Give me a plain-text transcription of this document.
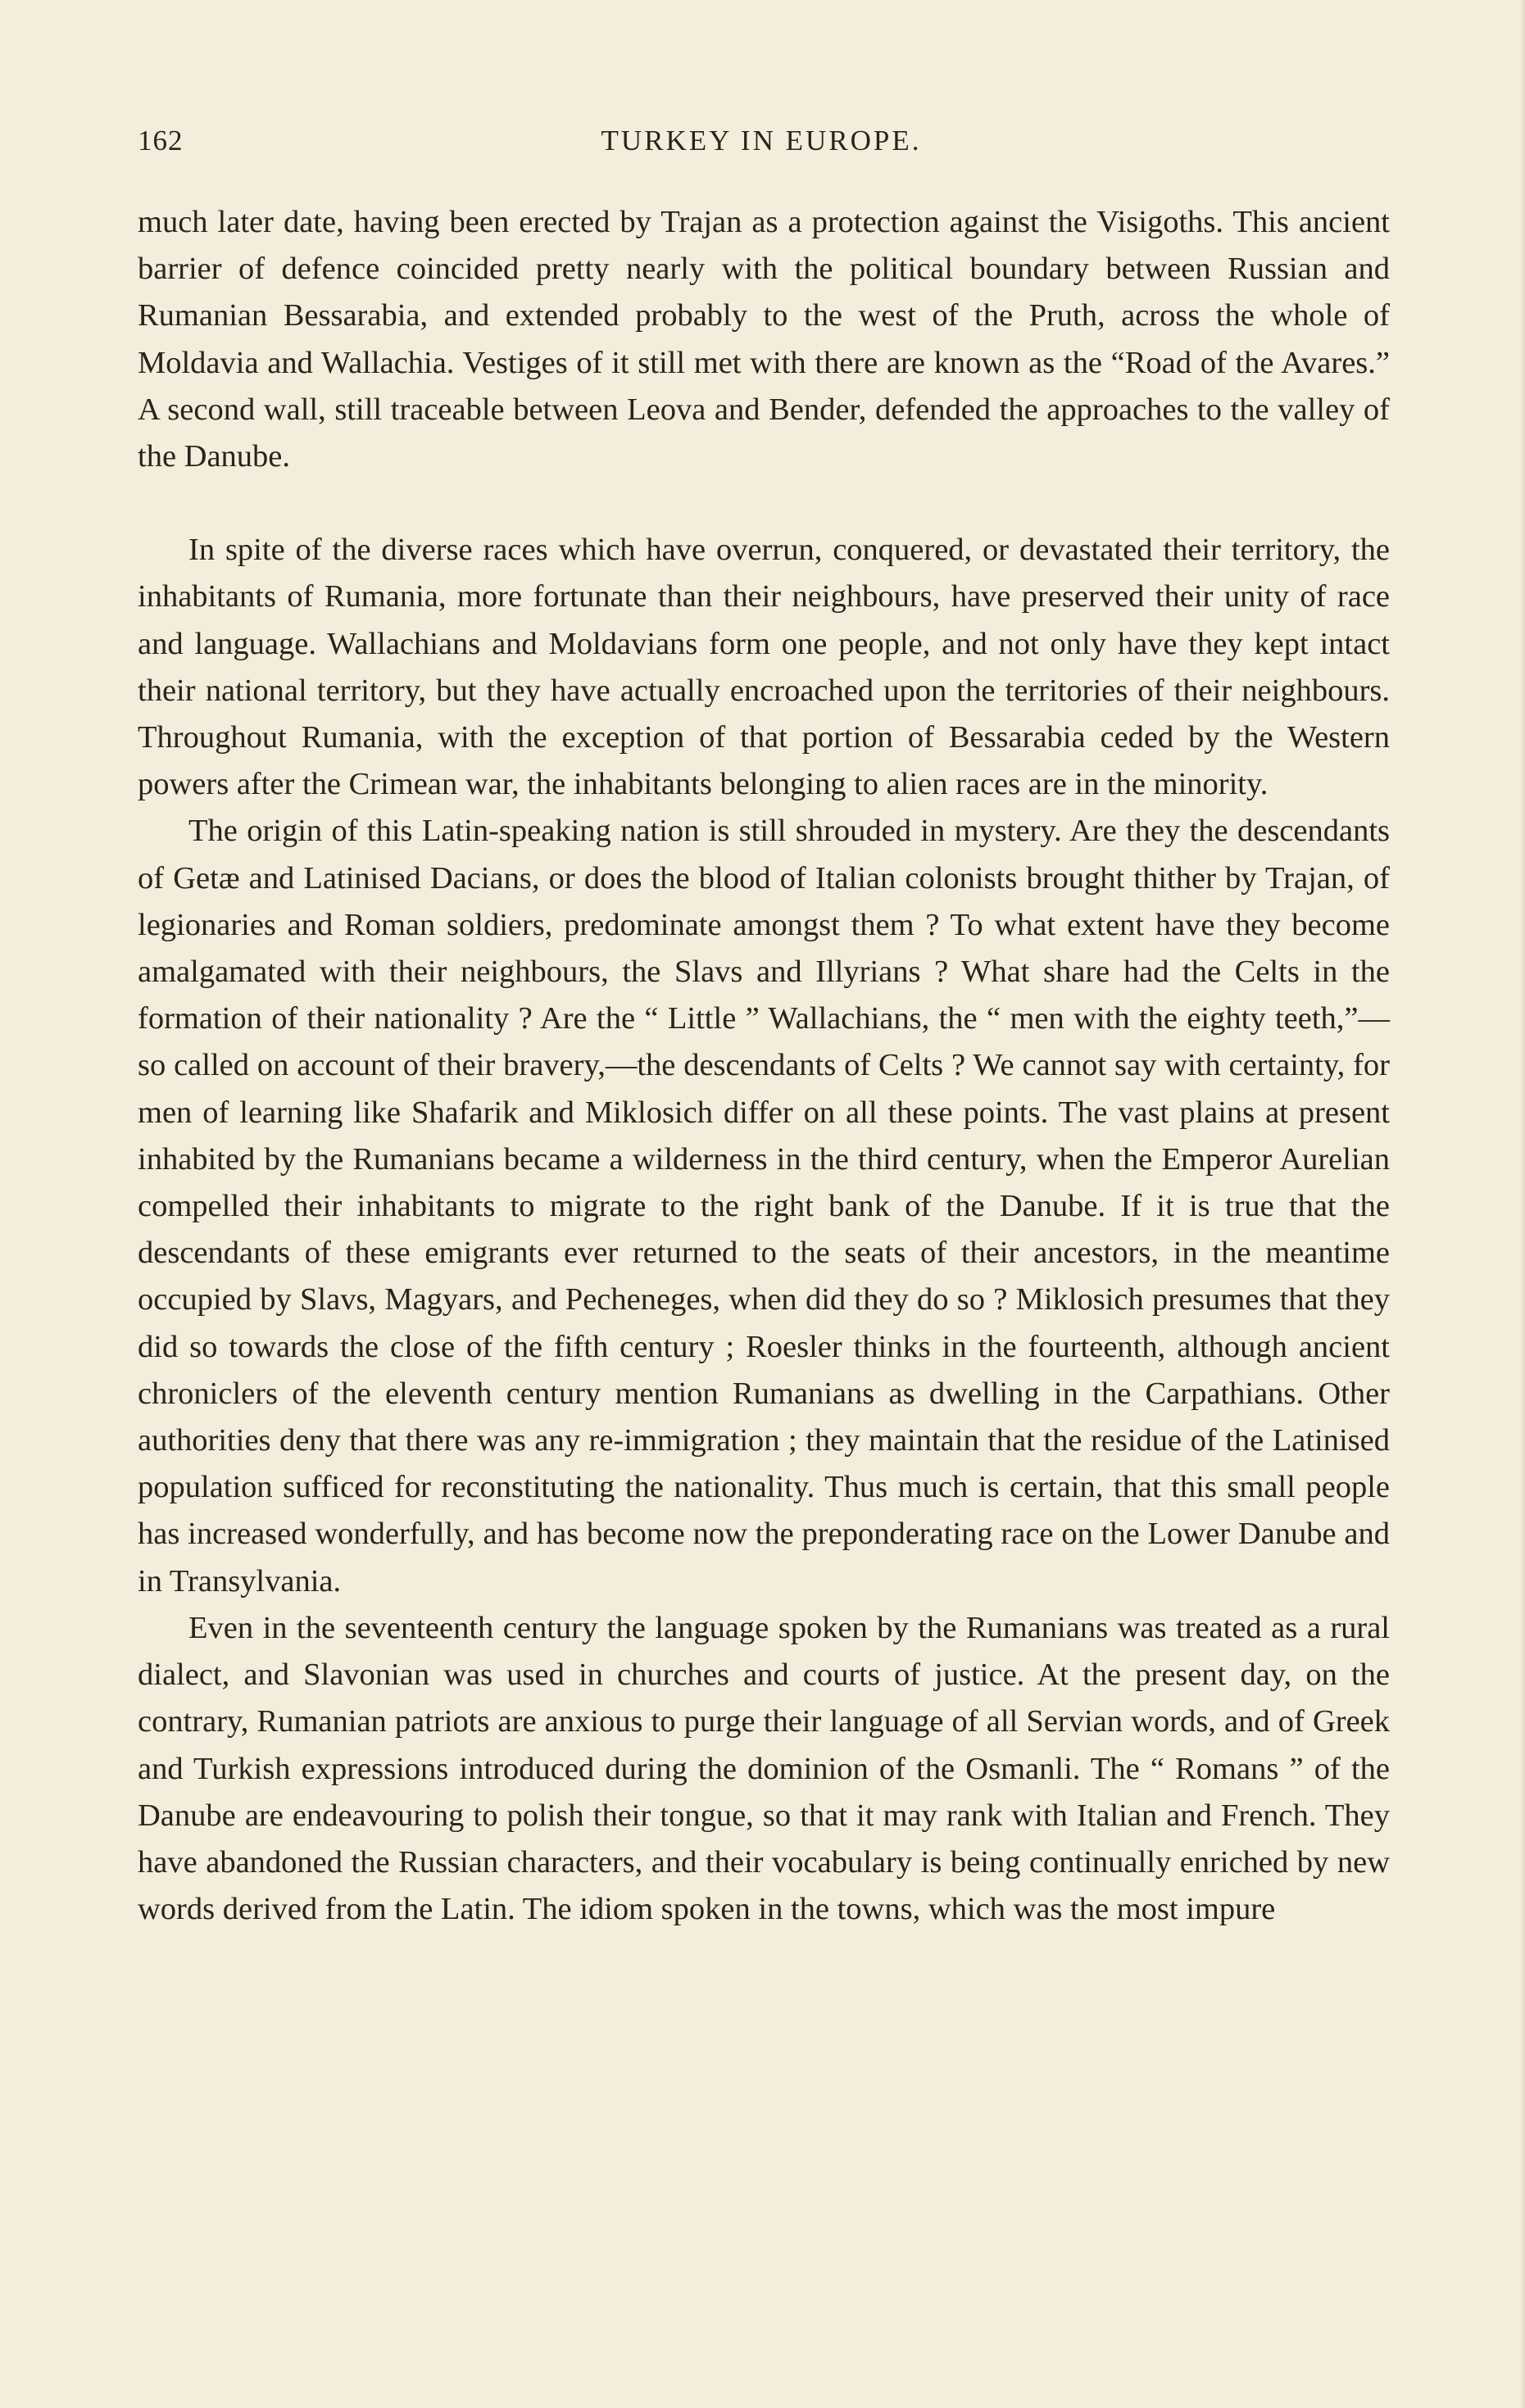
162	TURKEY IN EUROPE.

much later date, having been erected by Trajan as a protection against the Visigoths. This ancient barrier of defence coincided pretty nearly with the political boundary between Russian and Rumanian Bessarabia, and extended probably to the west of the Pruth, across the whole of Moldavia and Wallachia. Vestiges of it still met with there are known as the “Road of the Avares.” A second wall, still traceable between Leova and Bender, defended the approaches to the valley of the Danube.

In spite of the diverse races which have overrun, conquered, or devastated their territory, the inhabitants of Rumania, more fortunate than their neighbours, have preserved their unity of race and language. Wallachians and Moldavians form one people, and not only have they kept intact their national territory, but they have actually encroached upon the territories of their neighbours. Throughout Rumania, with the exception of that portion of Bessarabia ceded by the Western powers after the Crimean war, the inhabitants belonging to alien races are in the minority.

The origin of this Latin-speaking nation is still shrouded in mystery. Are they the descendants of Getæ and Latinised Dacians, or does the blood of Italian colonists brought thither by Trajan, of legionaries and Roman soldiers, predominate amongst them ? To what extent have they become amalgamated with their neighbours, the Slavs and Illyrians ? What share had the Celts in the formation of their nationality ? Are the “ Little ” Wallachians, the “ men with the eighty teeth,”—so called on account of their bravery,—the descendants of Celts ? We cannot say with certainty, for men of learning like Shafarik and Miklosich differ on all these points. The vast plains at present inhabited by the Rumanians became a wilderness in the third century, when the Emperor Aurelian compelled their inhabitants to migrate to the right bank of the Danube. If it is true that the descendants of these emigrants ever returned to the seats of their ancestors, in the meantime occupied by Slavs, Magyars, and Pecheneges, when did they do so ? Miklosich presumes that they did so towards the close of the fifth century ; Roesler thinks in the fourteenth, although ancient chroniclers of the eleventh century mention Rumanians as dwelling in the Carpathians. Other authorities deny that there was any re-immigration ; they maintain that the residue of the Latinised population sufficed for reconstituting the nationality. Thus much is certain, that this small people has increased wonderfully, and has become now the preponderating race on the Lower Danube and in Transylvania.

Even in the seventeenth century the language spoken by the Rumanians was treated as a rural dialect, and Slavonian was used in churches and courts of justice. At the present day, on the contrary, Rumanian patriots are anxious to purge their language of all Servian words, and of Greek and Turkish expressions introduced during the dominion of the Osmanli. The “ Romans ” of the Danube are endeavouring to polish their tongue, so that it may rank with Italian and French. They have abandoned the Russian characters, and their vocabulary is being continually enriched by new words derived from the Latin. The idiom spoken in the towns, which was the most impure
